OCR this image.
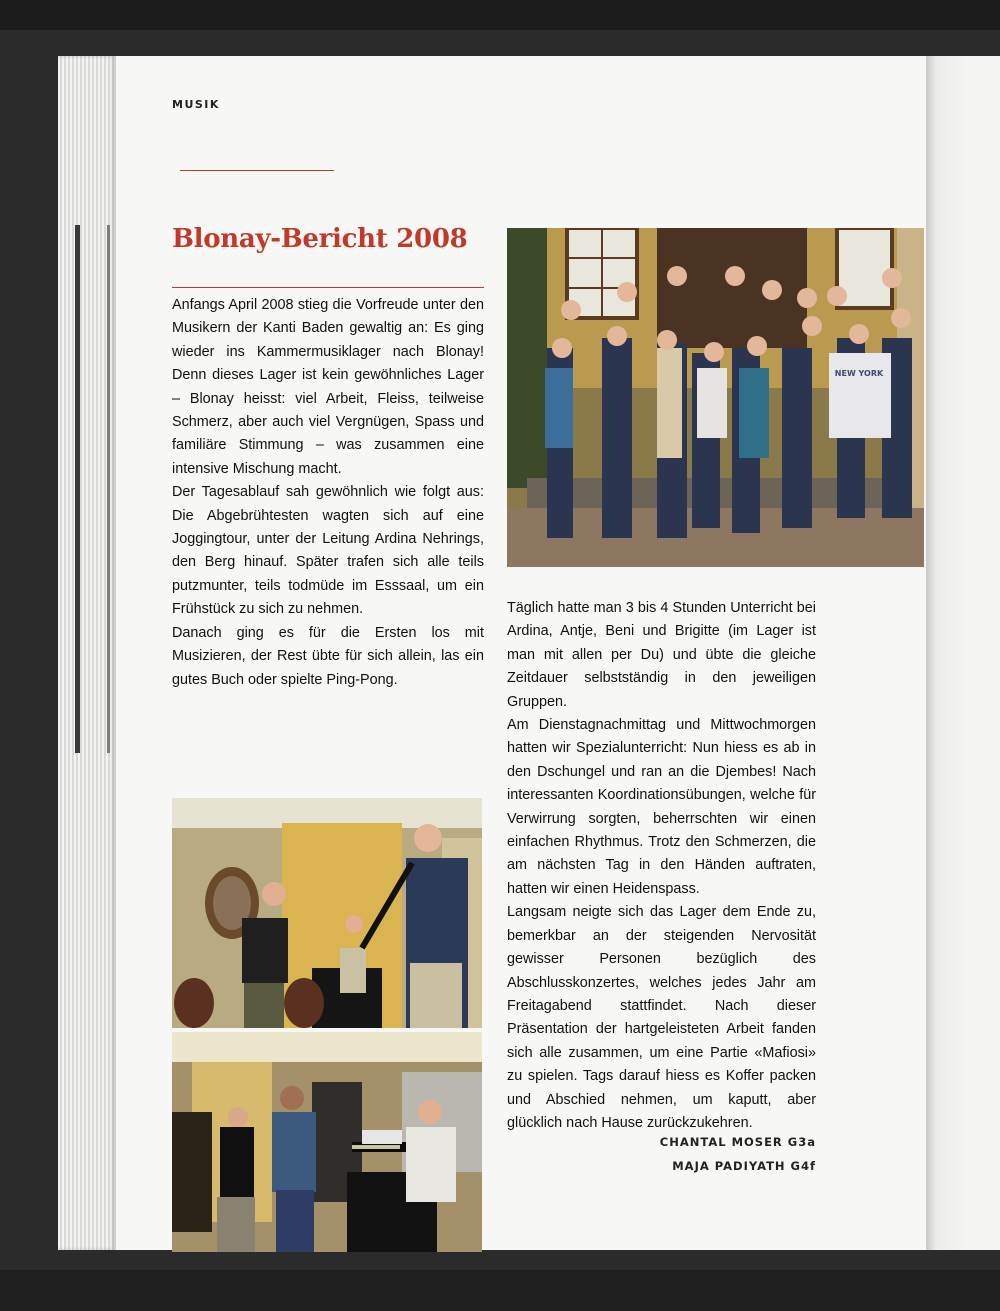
MUSIK
Blonay-Bericht 2008

Anfangs April 2008 stieg die Vorfreude unter den Musikern der Kanti Baden gewaltig an: Es ging wieder ins Kammermusiklager nach Blonay! Denn dieses Lager ist kein gewöhnliches Lager – Blonay heisst: viel Arbeit, Fleiss, teilweise Schmerz, aber auch viel Vergnügen, Spass und familiäre Stimmung – was zusammen eine intensive Mischung macht.

Der Tagesablauf sah gewöhnlich wie folgt aus: Die Abgebrühtesten wagten sich auf eine Joggingtour, unter der Leitung Ardina Nehrings, den Berg hinauf. Später trafen sich alle teils putzmunter, teils todmüde im Esssaal, um ein Frühstück zu sich zu nehmen.

Danach ging es für die Ersten los mit Musizieren, der Rest übte für sich allein, las ein gutes Buch oder spielte Ping-Pong.

NEW YORK

Täglich hatte man 3 bis 4 Stunden Unterricht bei Ardina, Antje, Beni und Brigitte (im Lager ist man mit allen per Du) und übte die gleiche Zeitdauer selbstständig in den jeweiligen Gruppen.

Am Dienstagnachmittag und Mittwochmorgen hatten wir Spezialunterricht: Nun hiess es ab in den Dschungel und ran an die Djembes! Nach interessanten Koordinationsübungen, welche für Verwirrung sorgten, beherrschten wir einen einfachen Rhythmus. Trotz den Schmerzen, die am nächsten Tag in den Händen auftraten, hatten wir einen Heidenspass.

Langsam neigte sich das Lager dem Ende zu, bemerkbar an der steigenden Nervosität gewisser Personen bezüglich des Abschlusskonzertes, welches jedes Jahr am Freitagabend stattfindet. Nach dieser Präsentation der hartgeleisteten Arbeit fanden sich alle zusammen, um eine Partie «Mafiosi» zu spielen. Tags darauf hiess es Koffer packen und Abschied nehmen, um kaputt, aber glücklich nach Hause zurückzukehren.

CHANTAL MOSER G3a
MAJA PADIYATH G4f
